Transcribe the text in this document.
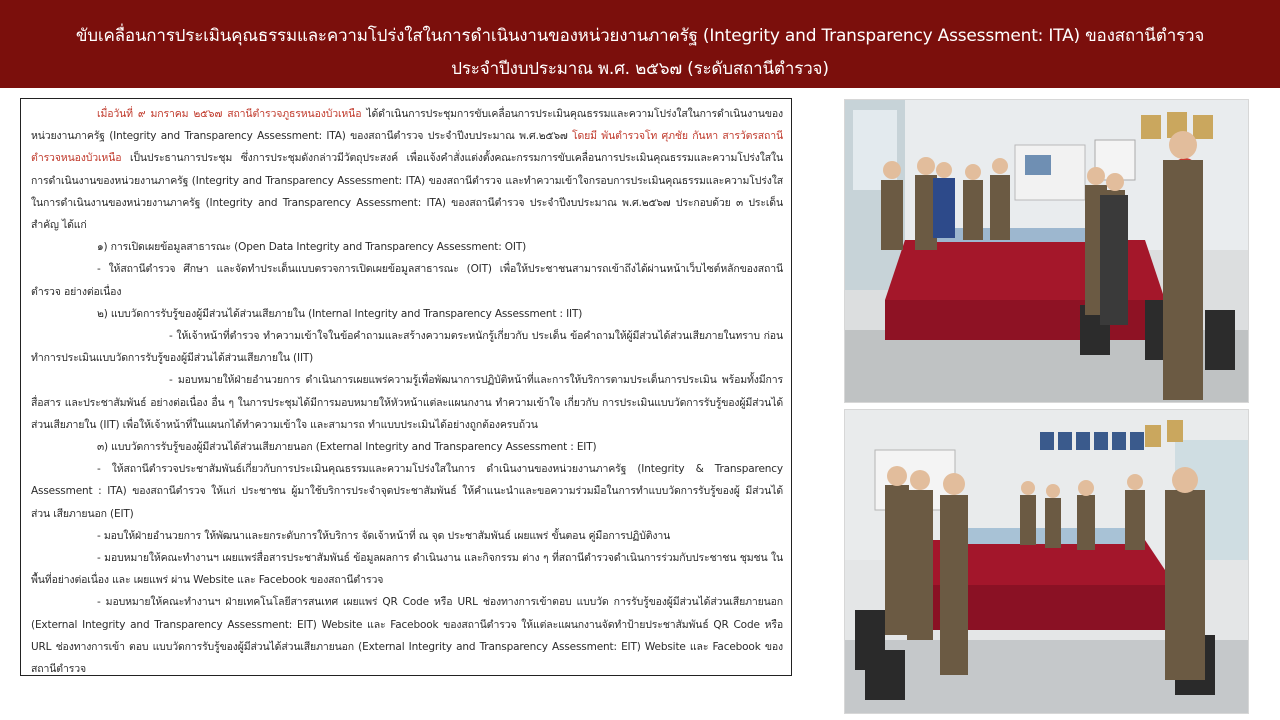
ขับเคลื่อนการประเมินคุณธรรมและความโปร่งใสในการดำเนินงานของหน่วยงานภาครัฐ (Integrity and Transparency Assessment: ITA) ของสถานีตำรวจ
ประจำปีงบประมาณ พ.ศ. ๒๕๖๗ (ระดับสถานีตำรวจ)

เมื่อวันที่ ๙ มกราคม ๒๕๖๗ สถานีตำรวจภูธรหนองบัวเหนือ ได้ดำเนินการประชุมการขับเคลื่อนการประเมินคุณธรรมและความโปร่งใสในการดำเนินงานของหน่วยงานภาครัฐ (Integrity and Transparency Assessment: ITA) ของสถานีตำรวจ ประจำปีงบประมาณ พ.ศ.๒๕๖๗ โดยมี พันตำรวจโท ศุภชัย กันหา สารวัตรสถานีตำรวจหนองบัวเหนือ เป็นประธานการประชุม ซึ่งการประชุมดังกล่าวมีวัตถุประสงค์ เพื่อแจ้งคำสั่งแต่งตั้งคณะกรรมการขับเคลื่อนการประเมินคุณธรรมและความโปร่งใสในการดำเนินงานของหน่วยงานภาครัฐ (Integrity and Transparency Assessment: ITA) ของสถานีตำรวจ และทำความเข้าใจกรอบการประเมินคุณธรรมและความโปร่งใสในการดำเนินงานของหน่วยงานภาครัฐ (Integrity and Transparency Assessment: ITA) ของสถานีตำรวจ ประจำปีงบประมาณ พ.ศ.๒๕๖๗ ประกอบด้วย ๓ ประเด็นสำคัญ ได้แก่

๑) การเปิดเผยข้อมูลสาธารณะ (Open Data Integrity and Transparency Assessment: OIT)

- ให้สถานีตำรวจ ศึกษา และจัดทำประเด็นแบบตรวจการเปิดเผยข้อมูลสาธารณะ (OIT) เพื่อให้ประชาชนสามารถเข้าถึงได้ผ่านหน้าเว็บไซต์หลักของสถานีตำรวจ อย่างต่อเนื่อง

๒) แบบวัดการรับรู้ของผู้มีส่วนได้ส่วนเสียภายใน (Internal Integrity and Transparency Assessment : IIT)

- ให้เจ้าหน้าที่ตำรวจ ทำความเข้าใจในข้อคำถามและสร้างความตระหนักรู้เกี่ยวกับ ประเด็น ข้อคำถามให้ผู้มีส่วนได้ส่วนเสียภายในทราบ ก่อนทำการประเมินแบบวัดการรับรู้ของผู้มีส่วนได้ส่วนเสียภายใน (IIT)

- มอบหมายให้ฝ่ายอำนวยการ ดำเนินการเผยแพร่ความรู้เพื่อพัฒนาการปฏิบัติหน้าที่และการให้บริการตามประเด็นการประเมิน พร้อมทั้งมีการสื่อสาร และประชาสัมพันธ์ อย่างต่อเนื่อง อื่น ๆ ในการประชุมได้มีการมอบหมายให้หัวหน้าแต่ละแผนกงาน ทำความเข้าใจ เกี่ยวกับ การประเมินแบบวัดการรับรู้ของผู้มีส่วนได้ส่วนเสียภายใน (IIT) เพื่อให้เจ้าหน้าที่ในแผนกได้ทำความเข้าใจ และสามารถ ทำแบบประเมินได้อย่างถูกต้องครบถ้วน

๓) แบบวัดการรับรู้ของผู้มีส่วนได้ส่วนเสียภายนอก (External Integrity and Transparency Assessment : EIT)

- ให้สถานีตำรวจประชาสัมพันธ์เกี่ยวกับการประเมินคุณธรรมและความโปร่งใสในการ ดำเนินงานของหน่วยงานภาครัฐ (Integrity & Transparency Assessment : ITA) ของสถานีตำรวจ ให้แก่ ประชาชน ผู้มาใช้บริการประจำจุดประชาสัมพันธ์ ให้คำแนะนำและขอความร่วมมือในการทำแบบวัดการรับรู้ของผู้ มีส่วนได้ ส่วน เสียภายนอก (EIT)

- มอบให้ฝ่ายอำนวยการ ให้พัฒนาและยกระดับการให้บริการ จัดเจ้าหน้าที่ ณ จุด ประชาสัมพันธ์ เผยแพร่ ขั้นตอน คู่มือการปฏิบัติงาน

- มอบหมายให้คณะทำงานฯ เผยแพร่สื่อสารประชาสัมพันธ์ ข้อมูลผลการ ดำเนินงาน และกิจกรรม ต่าง ๆ ที่สถานีตำรวจดำเนินการร่วมกับประชาชน ชุมชน ในพื้นที่อย่างต่อเนื่อง และ เผยแพร่ ผ่าน Website และ Facebook ของสถานีตำรวจ

- มอบหมายให้คณะทำงานฯ ฝ่ายเทคโนโลยีสารสนเทศ เผยแพร่ QR Code หรือ URL ช่องทางการเข้าตอบ แบบวัด การรับรู้ของผู้มีส่วนได้ส่วนเสียภายนอก (External Integrity and Transparency Assessment: EIT) Website และ Facebook ของสถานีตำรวจ ให้แต่ละแผนกงานจัดทำป้ายประชาสัมพันธ์ QR Code หรือ URL ช่องทางการเข้า ตอบ แบบวัดการรับรู้ของผู้มีส่วนได้ส่วนเสียภายนอก (External Integrity and Transparency Assessment: EIT) Website และ Facebook ของสถานีตำรวจ
